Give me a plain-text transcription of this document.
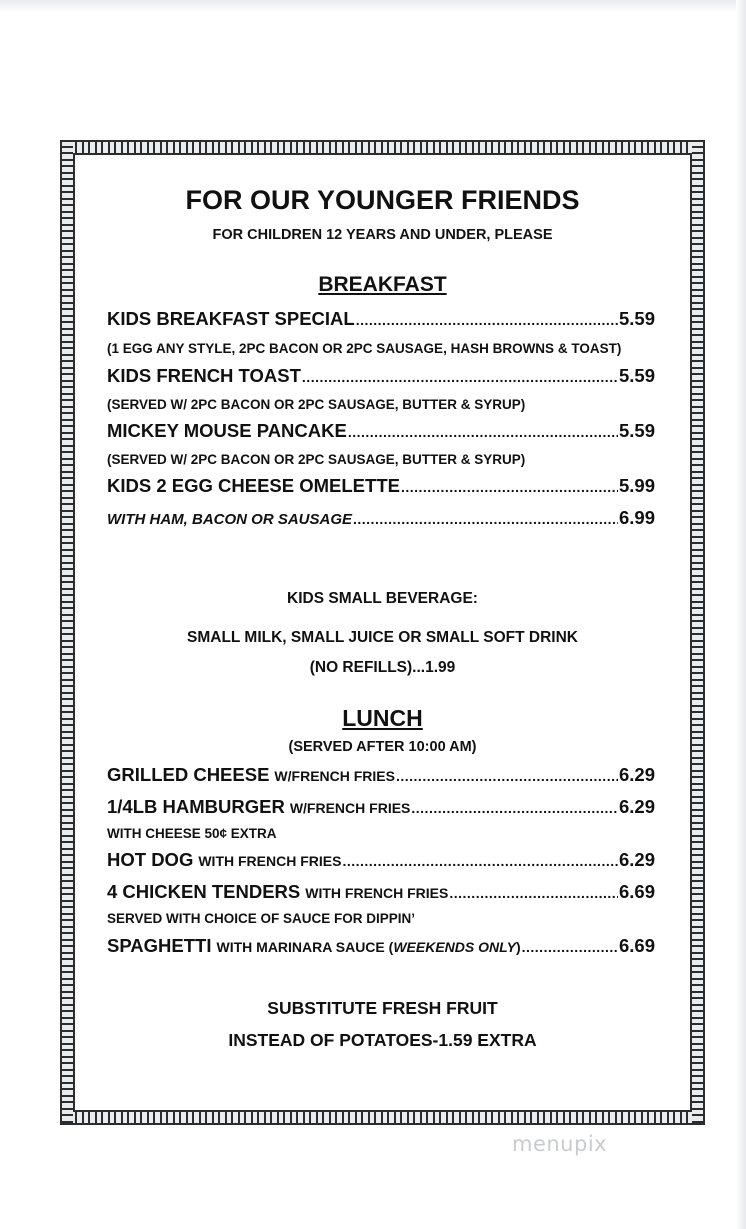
FOR OUR YOUNGER FRIENDS
FOR CHILDREN 12 YEARS AND UNDER, PLEASE
BREAKFAST
KIDS BREAKFAST SPECIAL .....	5.59
(1 EGG ANY STYLE, 2PC BACON OR 2PC SAUSAGE, HASH BROWNS & TOAST)
KIDS FRENCH TOAST .....	5.59
(SERVED W/ 2PC BACON OR 2PC SAUSAGE, BUTTER & SYRUP)
MICKEY MOUSE PANCAKE .....	5.59
(SERVED W/ 2PC BACON OR 2PC SAUSAGE, BUTTER & SYRUP)
KIDS 2 EGG CHEESE OMELETTE .....	5.99
WITH HAM, BACON OR SAUSAGE .....	6.99
KIDS SMALL BEVERAGE:
SMALL MILK, SMALL JUICE OR SMALL SOFT DRINK
(NO REFILLS)...1.99
LUNCH
(SERVED AFTER 10:00 AM)
GRILLED CHEESE W/FRENCH FRIES .....	6.29
1/4LB HAMBURGER W/FRENCH FRIES .....	6.29
WITH CHEESE 50¢ EXTRA
HOT DOG WITH FRENCH FRIES .....	6.29
4 CHICKEN TENDERS WITH FRENCH FRIES .....	6.69
SERVED WITH CHOICE OF SAUCE FOR DIPPIN’
SPAGHETTI WITH MARINARA SAUCE ( WEEKENDS ONLY ) .....	6.69
SUBSTITUTE FRESH FRUIT
INSTEAD OF POTATOES-1.59 EXTRA
menupix
